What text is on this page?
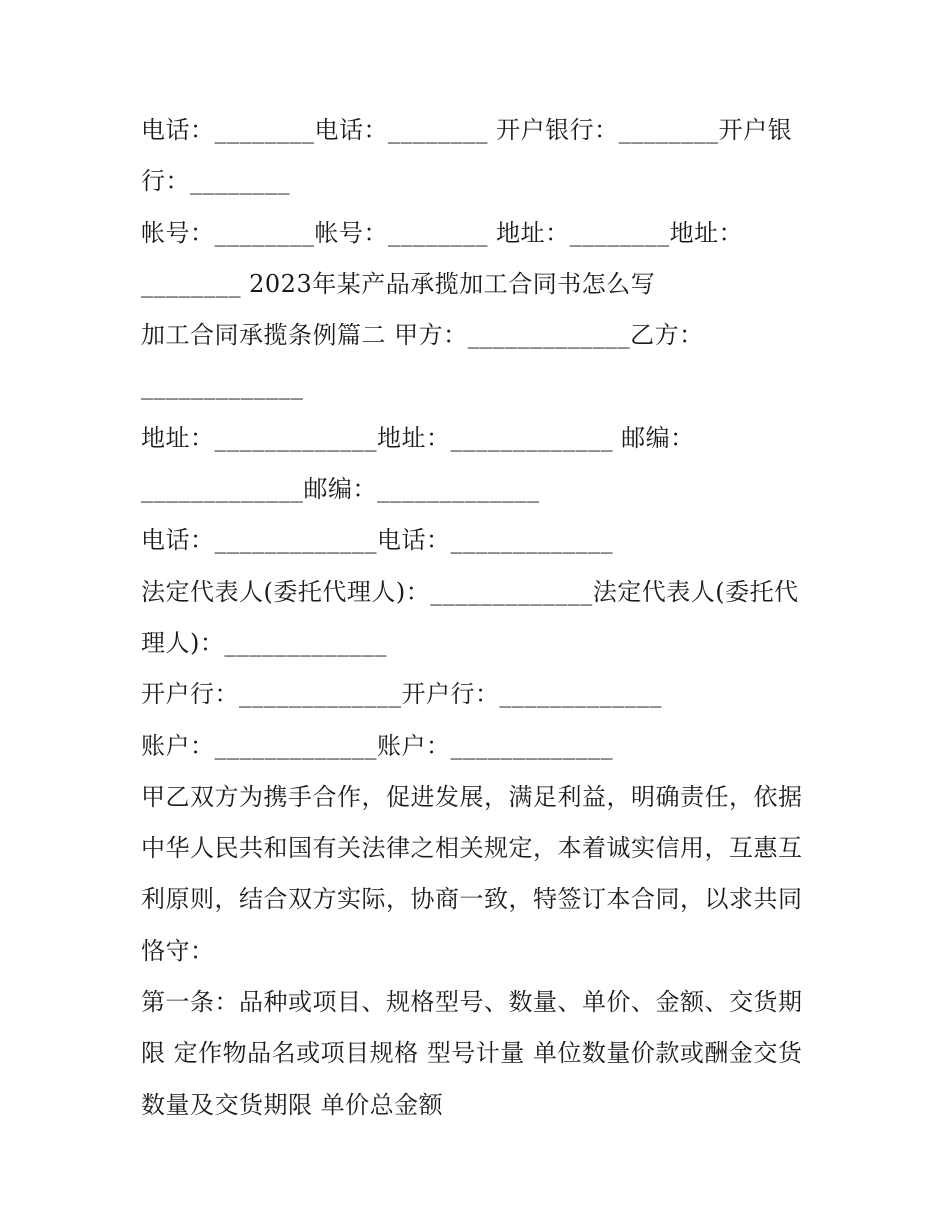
电话：________电话：________ 开户银行：________开户银
行：________
帐号：________帐号：________ 地址：________地址：
________ 2023年某产品承揽加工合同书怎么写
加工合同承揽条例篇二 甲方：_____________乙方：
_____________
地址：_____________地址：_____________ 邮编：
_____________邮编：_____________
电话：_____________电话：_____________
法定代表人(委托代理人)：_____________法定代表人(委托代
理人)：_____________
开户行：_____________开户行：_____________
账户：_____________账户：_____________
甲乙双方为携手合作，促进发展，满足利益，明确责任，依据
中华人民共和国有关法律之相关规定，本着诚实信用，互惠互
利原则，结合双方实际，协商一致，特签订本合同，以求共同
恪守：
第一条：品种或项目、规格型号、数量、单价、金额、交货期
限 定作物品名或项目规格 型号计量 单位数量价款或酬金交货
数量及交货期限 单价总金额
